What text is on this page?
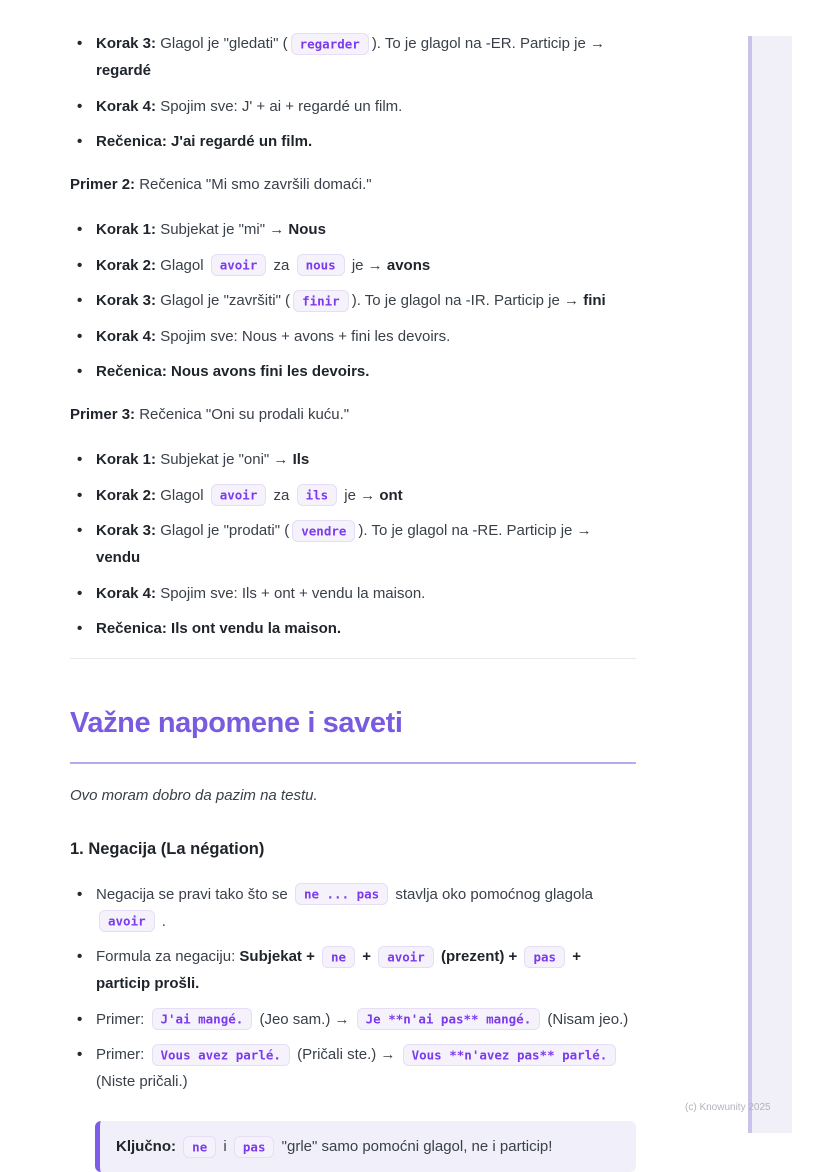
• Korak 3: Glagol je "gledati" ( regarder ). To je glagol na -ER. Particip je → regardé
• Korak 4: Spojim sve: J' + ai + regardé un film.
• Rečenica: J'ai regardé un film.

Primer 2: Rečenica "Mi smo završili domaći."

• Korak 1: Subjekat je "mi" → Nous
• Korak 2: Glagol avoir za nous je → avons
• Korak 3: Glagol je "završiti" ( finir ). To je glagol na -IR. Particip je → fini
• Korak 4: Spojim sve: Nous + avons + fini les devoirs.
• Rečenica: Nous avons fini les devoirs.

Primer 3: Rečenica "Oni su prodali kuću."

• Korak 1: Subjekat je "oni" → Ils
• Korak 2: Glagol avoir za ils je → ont
• Korak 3: Glagol je "prodati" ( vendre ). To je glagol na -RE. Particip je → vendu
• Korak 4: Spojim sve: Ils + ont + vendu la maison.
• Rečenica: Ils ont vendu la maison.
Važne napomene i saveti

Ovo moram dobro da pazim na testu.

1. Negacija (La négation)
• Negacija se pravi tako što se ne ... pas stavlja oko pomoćnog glagola avoir .
• Formula za negaciju: Subjekat + ne + avoir (prezent) + pas + particip prošli.
• Primer: J'ai mangé. (Jeo sam.) → Je **n'ai pas** mangé. (Nisam jeo.)
• Primer: Vous avez parlé. (Pričali ste.) → Vous **n'avez pas** parlé. (Niste pričali.)
Ključno: ne i pas "grle" samo pomoćni glagol, ne i particip!
(c) Knowunity 2025
